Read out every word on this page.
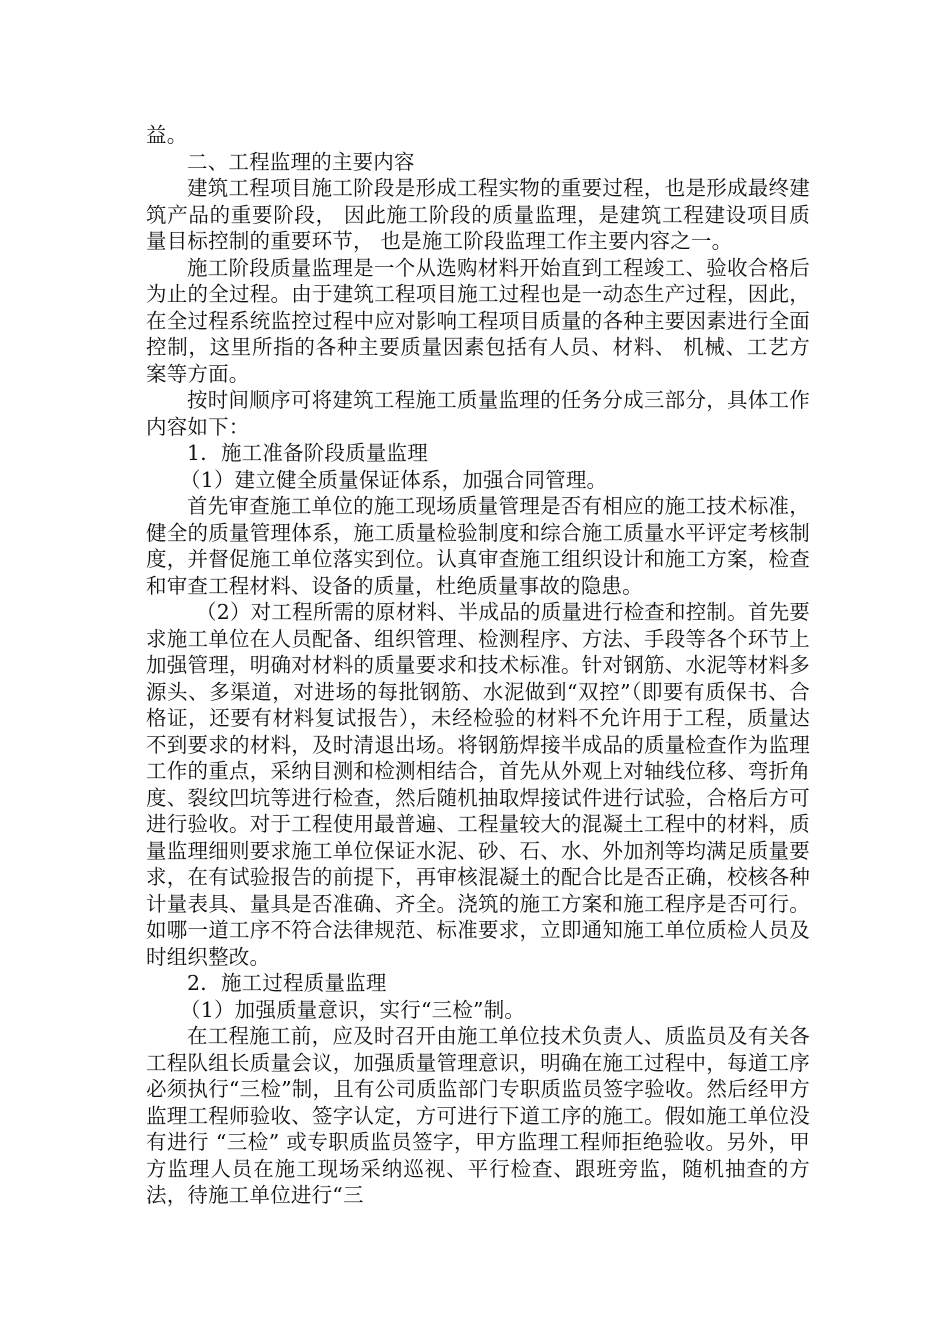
益。

二、工程监理的主要内容

建筑工程项目施工阶段是形成工程实物的重要过程，也是形成最终建筑产品的重要阶段， 因此施工阶段的质量监理，是建筑工程建设项目质量目标控制的重要环节， 也是施工阶段监理工作主要内容之一。

施工阶段质量监理是一个从选购材料开始直到工程竣工、验收合格后为止的全过程。由于建筑工程项目施工过程也是一动态生产过程，因此，在全过程系统监控过程中应对影响工程项目质量的各种主要因素进行全面控制，这里所指的各种主要质量因素包括有人员、材料、 机械、工艺方案等方面。

按时间顺序可将建筑工程施工质量监理的任务分成三部分，具体工作内容如下：

1．施工准备阶段质量监理

（1）建立健全质量保证体系，加强合同管理。

首先审查施工单位的施工现场质量管理是否有相应的施工技术标准，健全的质量管理体系，施工质量检验制度和综合施工质量水平评定考核制度，并督促施工单位落实到位。认真审查施工组织设计和施工方案，检查和审查工程材料、设备的质量，杜绝质量事故的隐患。

（2）对工程所需的原材料、半成品的质量进行检查和控制。首先要求施工单位在人员配备、组织管理、检测程序、方法、手段等各个环节上加强管理，明确对材料的质量要求和技术标准。针对钢筋、水泥等材料多源头、多渠道，对进场的每批钢筋、水泥做到“双控”（即要有质保书、合格证，还要有材料复试报告），未经检验的材料不允许用于工程，质量达不到要求的材料，及时清退出场。将钢筋焊接半成品的质量检查作为监理工作的重点，采纳目测和检测相结合，首先从外观上对轴线位移、弯折角度、裂纹凹坑等进行检查，然后随机抽取焊接试件进行试验，合格后方可进行验收。对于工程使用最普遍、工程量较大的混凝土工程中的材料，质量监理细则要求施工单位保证水泥、砂、石、水、外加剂等均满足质量要求，在有试验报告的前提下，再审核混凝土的配合比是否正确，校核各种计量表具、量具是否准确、齐全。浇筑的施工方案和施工程序是否可行。如哪一道工序不符合法律规范、标准要求，立即通知施工单位质检人员及时组织整改。

2．施工过程质量监理

（1）加强质量意识，实行“三检”制。

在工程施工前，应及时召开由施工单位技术负责人、质监员及有关各工程队组长质量会议，加强质量管理意识，明确在施工过程中，每道工序必须执行“三检”制，且有公司质监部门专职质监员签字验收。然后经甲方监理工程师验收、签字认定，方可进行下道工序的施工。假如施工单位没有进行 “三检” 或专职质监员签字，甲方监理工程师拒绝验收。另外，甲方监理人员在施工现场采纳巡视、平行检查、跟班旁监，随机抽查的方法，待施工单位进行“三
